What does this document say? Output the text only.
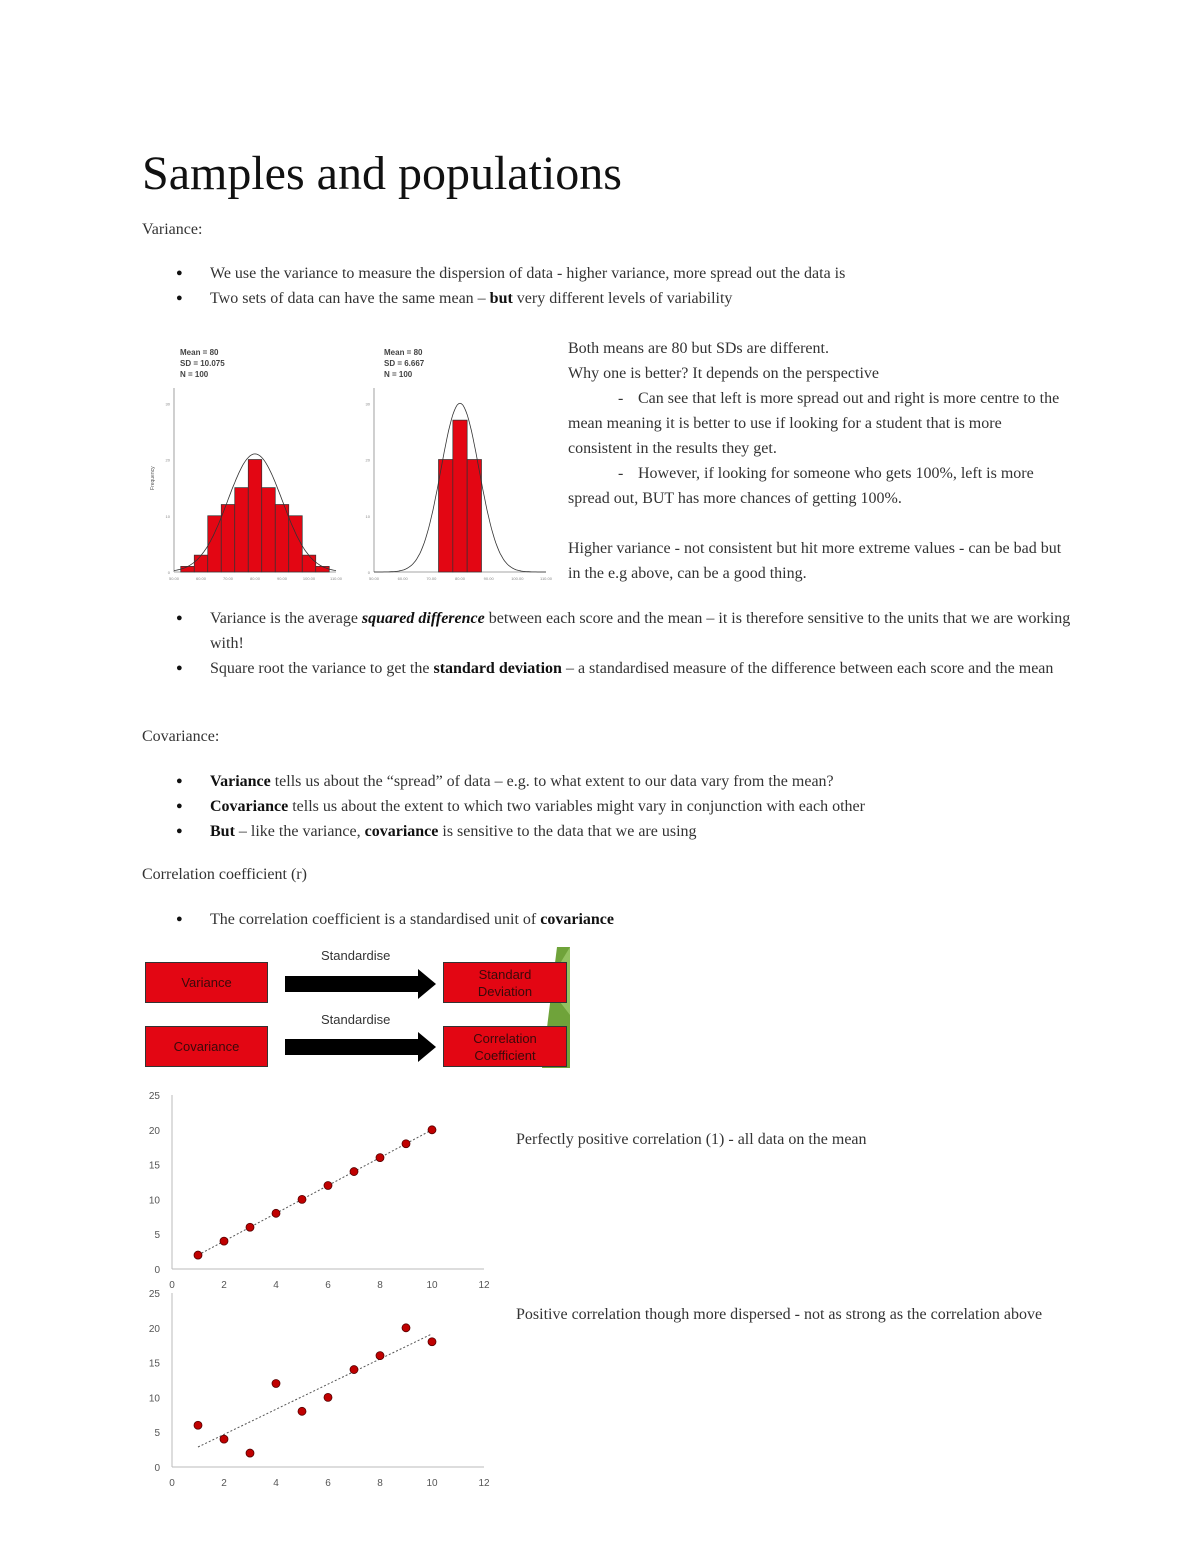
Samples and populations
Variance:
● We use the variance to measure the dispersion of data - higher variance, more spread out the data is
● Two sets of data can have the same mean – but very different levels of variability
Mean = 80
SD = 10.075
N = 100
Frequency
0
10
20
30
50.00	60.00	70.00	80.00	90.00	100.00	110.00
Mean = 80
SD = 6.667
N = 100
0
10
20
30
50.00	60.00	70.00	80.00	90.00	100.00	110.00
Both means are 80 but SDs are different.
Why one is better? It depends on the perspective
- Can see that left is more spread out and right is more centre to the mean meaning it is better to use if looking for a student that is more consistent in the results they get.
- However, if looking for someone who gets 100%, left is more spread out, BUT has more chances of getting 100%.
Higher variance - not consistent but hit more extreme values - can be bad but in the e.g above, can be a good thing.
● Variance is the average squared difference between each score and the mean – it is therefore sensitive to the units that we are working with!
● Square root the variance to get the standard deviation – a standardised measure of the difference between each score and the mean
Covariance:
● Variance tells us about the “spread” of data – e.g. to what extent to our data vary from the mean?
● Covariance tells us about the extent to which two variables might vary in conjunction with each other
● But – like the variance, covariance is sensitive to the data that we are using
Correlation coefficient (r)
● The correlation coefficient is a standardised unit of covariance
Variance
Covariance
Standardise
Standardise
Standard
Deviation
Correlation
Coefficient
0
5
10
15
20
25
0	2	4	6	8	10	12
Perfectly positive correlation (1) - all data on the mean
0
5
10
15
20
25
0	2	4	6	8	10	12
Positive correlation though more dispersed - not as strong as the correlation above
